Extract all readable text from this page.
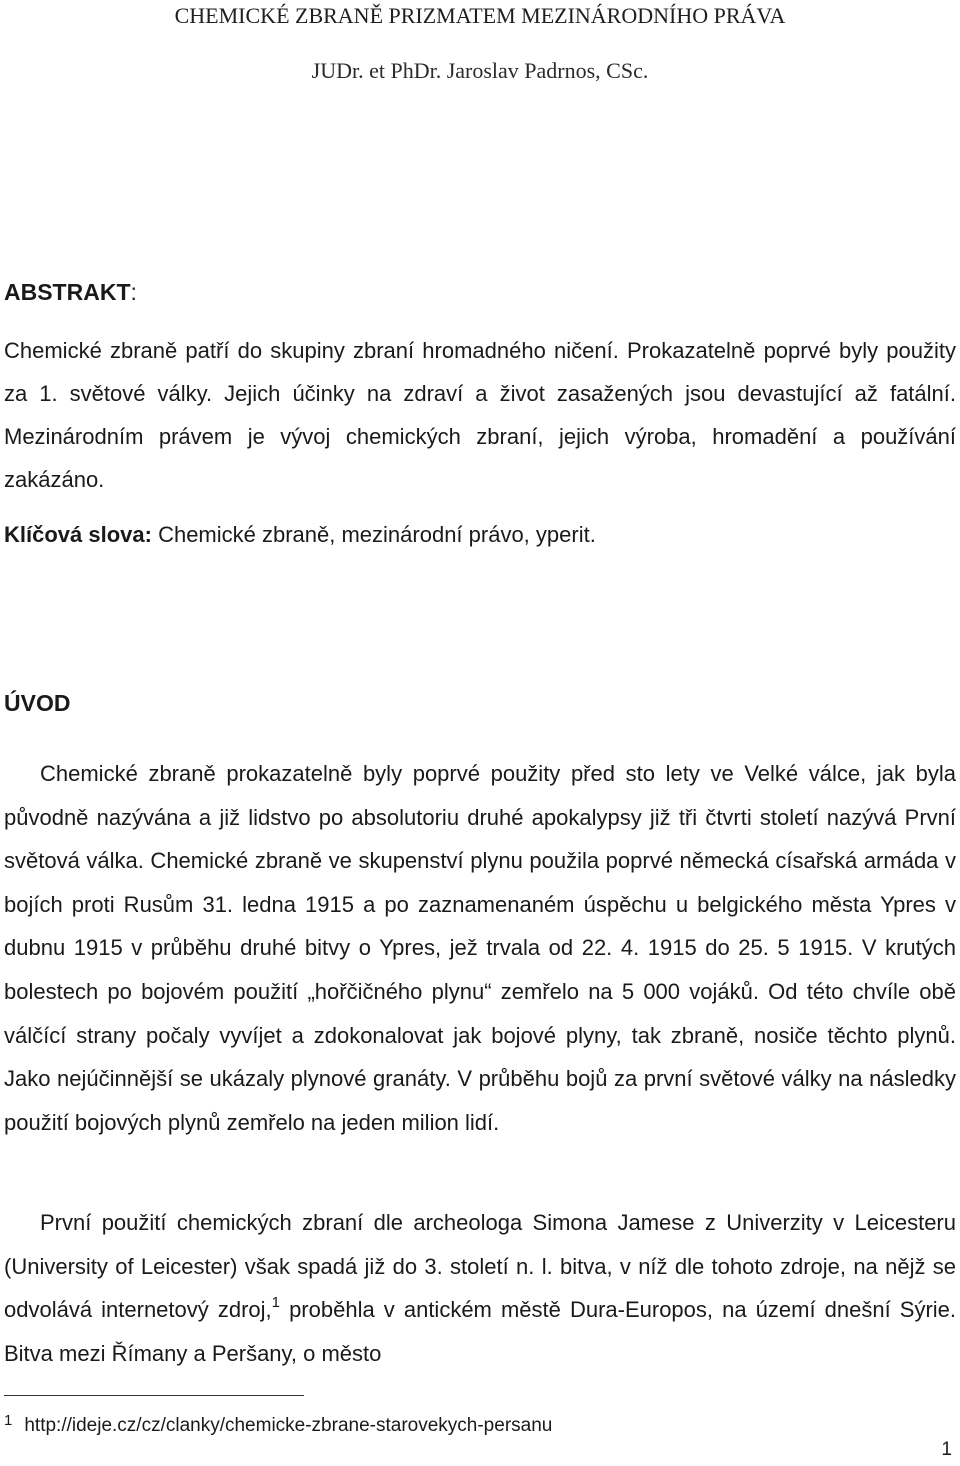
CHEMICKÉ ZBRANĚ PRIZMATEM MEZINÁRODNÍHO PRÁVA
JUDr. et PhDr. Jaroslav Padrnos, CSc.
ABSTRAKT:
Chemické zbraně patří do skupiny zbraní hromadného ničení. Prokazatelně poprvé byly použity za 1. světové války. Jejich účinky na zdraví a život zasažených jsou devastující až fatální. Mezinárodním právem je vývoj chemických zbraní, jejich výroba, hromadění a používání zakázáno.
Klíčová slova: Chemické zbraně, mezinárodní právo, yperit.
ÚVOD
Chemické zbraně prokazatelně byly poprvé použity před sto lety ve Velké válce, jak byla původně nazývána a již lidstvo po absolutoriu druhé apokalypsy již tři čtvrti století nazývá První světová válka. Chemické zbraně ve skupenství plynu použila poprvé německá císařská armáda v bojích proti Rusům 31. ledna 1915 a po zaznamenaném úspěchu u belgického města Ypres v dubnu 1915 v průběhu druhé bitvy o Ypres, jež trvala od 22. 4. 1915 do 25. 5 1915. V krutých bolestech po bojovém použití „hořčičného plynu“ zemřelo na 5 000 vojáků. Od této chvíle obě válčící strany počaly vyvíjet a zdokonalovat jak bojové plyny, tak zbraně, nosiče těchto plynů. Jako nejúčinnější se ukázaly plynové granáty. V průběhu bojů za první světové války na následky použití bojových plynů zemřelo na jeden milion lidí.
První použití chemických zbraní dle archeologa Simona Jamese z Univerzity v Leicesteru (University of Leicester) však spadá již do 3. století n. l. bitva, v níž dle tohoto zdroje, na nějž se odvolává internetový zdroj,$^1$ proběhla v antickém městě Dura-Europos, na území dnešní Sýrie. Bitva mezi Římany a Peršany, o město
$^1$ http://ideje.cz/cz/clanky/chemicke-zbrane-starovekych-persanu
1
